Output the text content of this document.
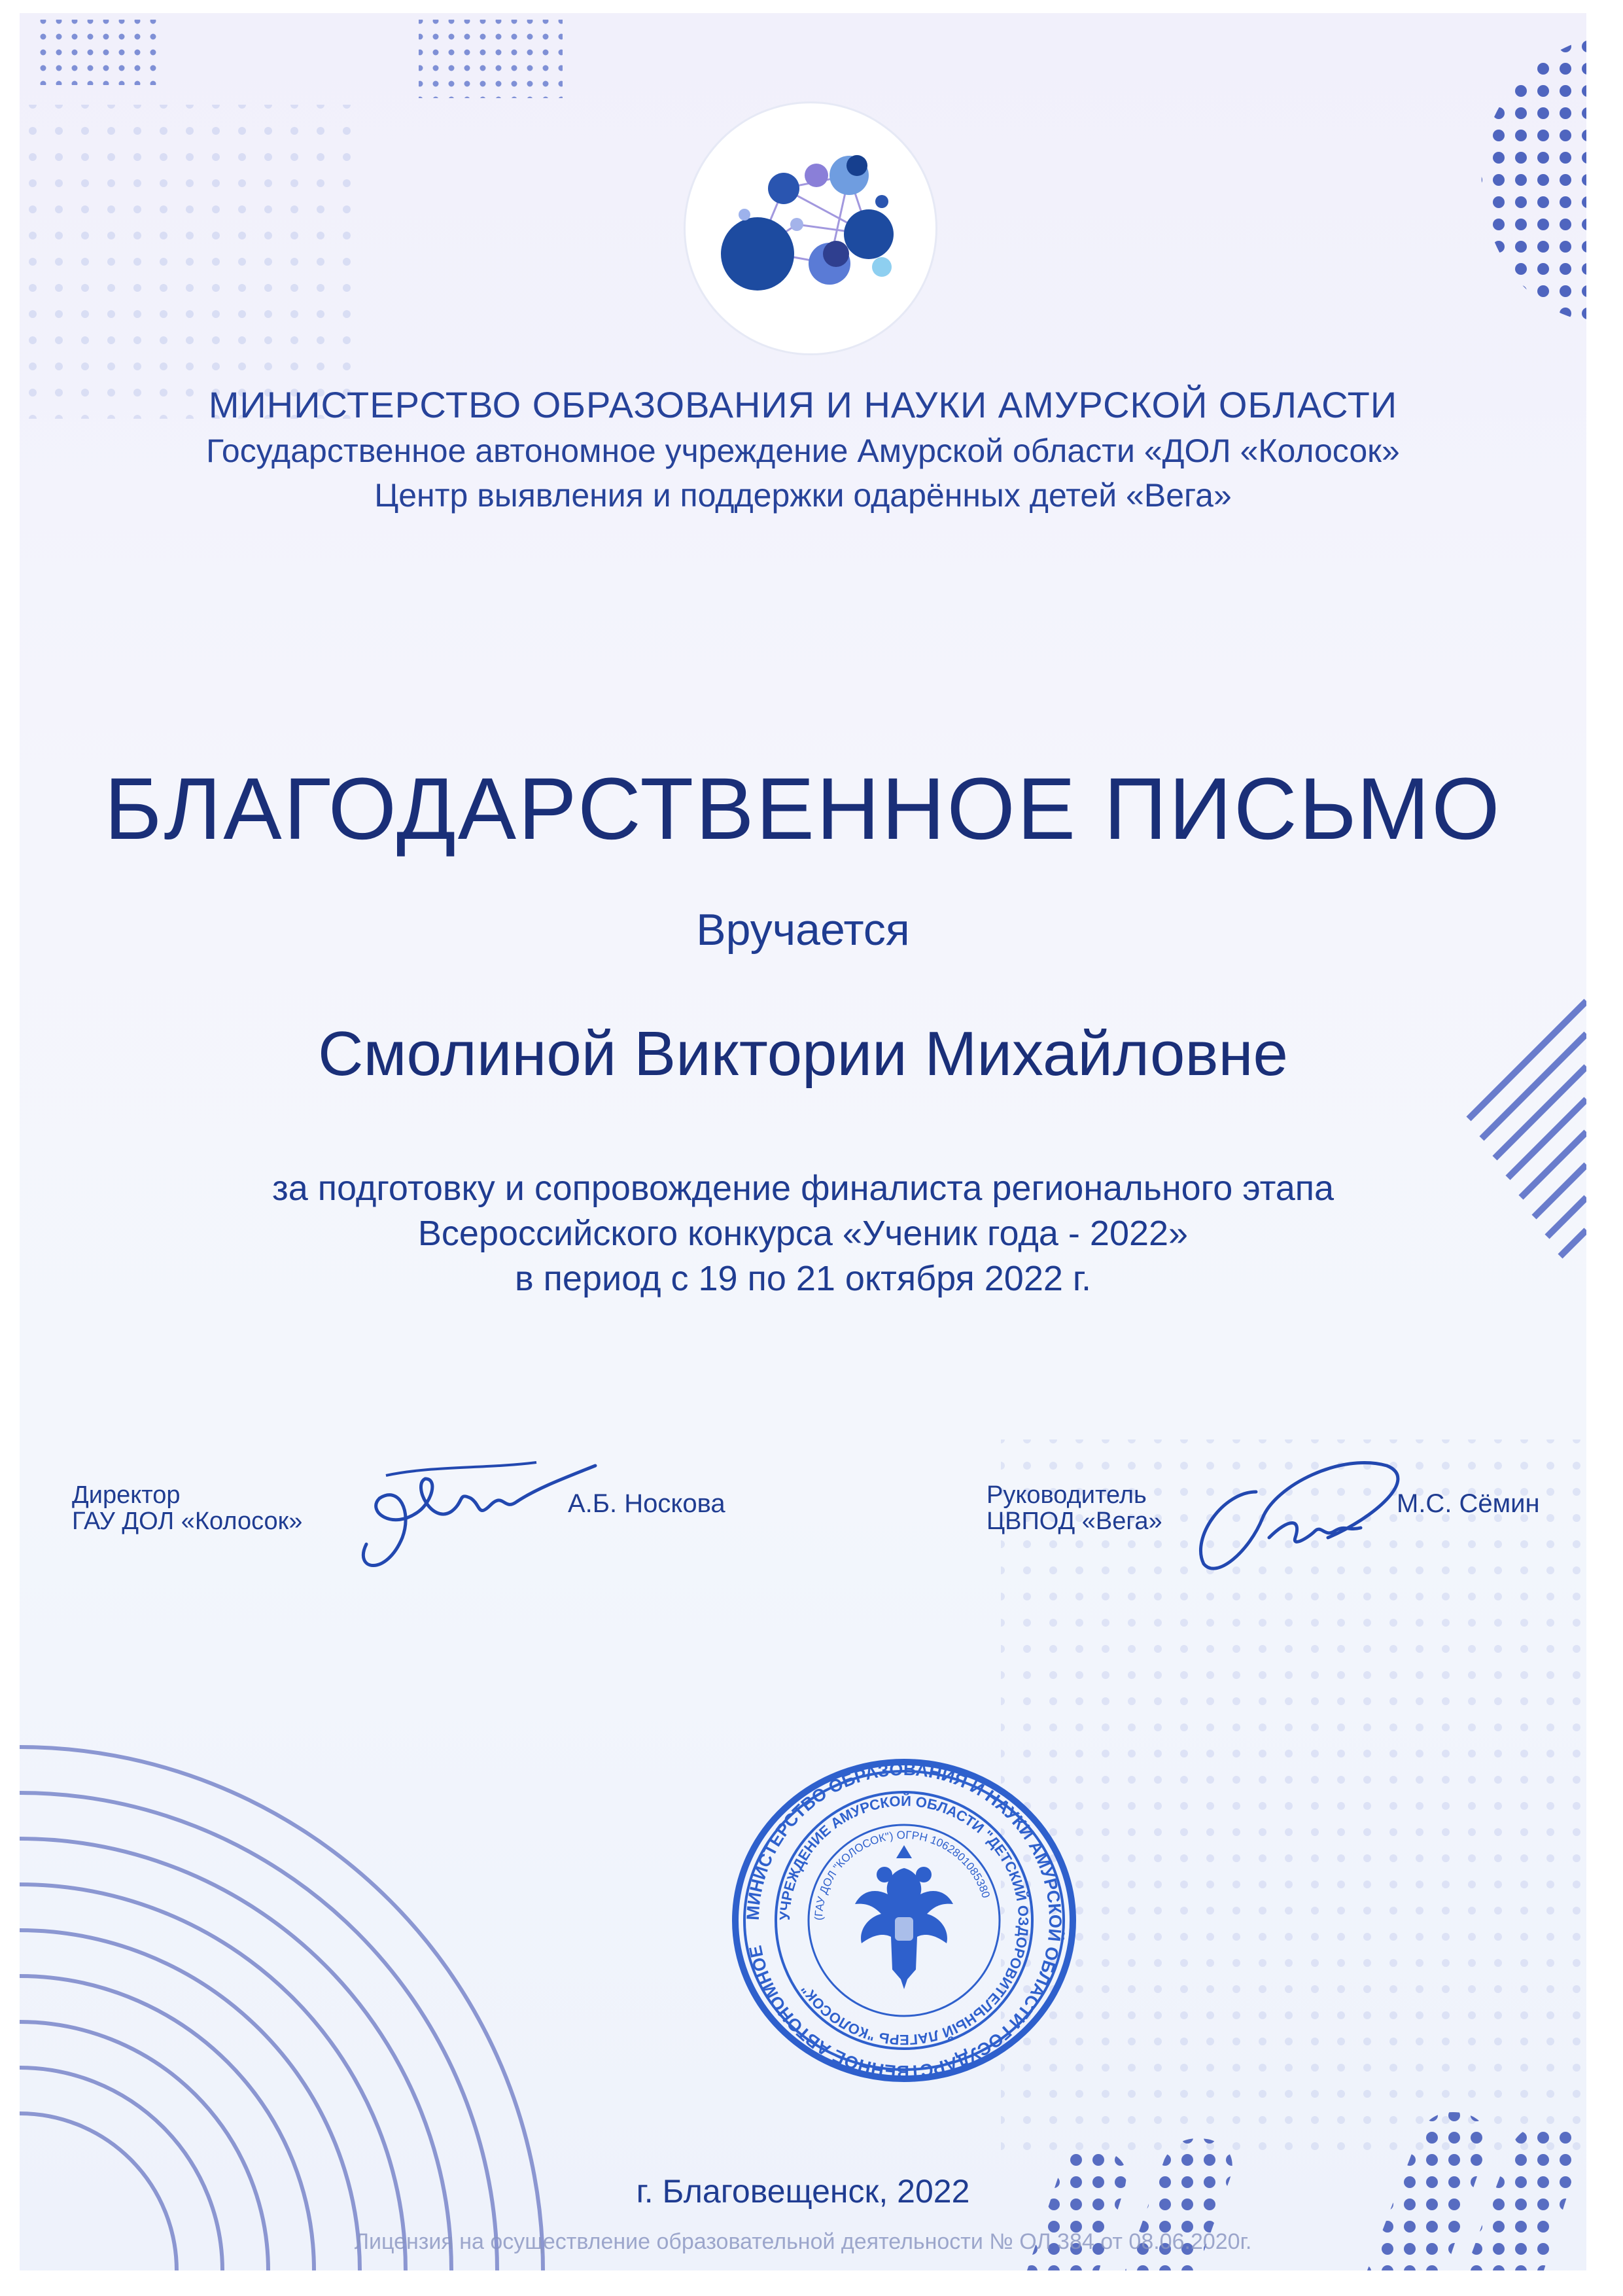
МИНИСТЕРСТВО ОБРАЗОВАНИЯ И НАУКИ АМУРСКОЙ ОБЛАСТИ
Государственное автономное учреждение Амурской области «ДОЛ «Колосок»
Центр выявления и поддержки одарённых детей «Вега»
БЛАГОДАРСТВЕННОЕ ПИСЬМО
Вручается
Смолиной Виктории Михайловне
за подготовку и сопровождение финалиста регионального этапа
Всероссийского конкурса «Ученик года - 2022»
в период с 19 по 21 октября 2022 г.
Директор
ГАУ ДОЛ «Колосок»
А.Б. Носкова	Руководитель
ЦВПОД «Вега»
М.С. Сёмин
МИНИСТЕРСТВО ОБРАЗОВАНИЯ И НАУКИ АМУРСКОЙ ОБЛАСТИ ГОСУДАРСТВЕННОЕ АВТОНОМНОЕ
УЧРЕЖДЕНИЕ АМУРСКОЙ ОБЛАСТИ "ДЕТСКИЙ ОЗДОРОВИТЕЛЬНЫЙ ЛАГЕРЬ "КОЛОСОК"
(ГАУ ДОЛ "КОЛОСОК") ОГРН 1062801085380
г. Благовещенск, 2022
Лицензия на осуществление образовательной деятельности № ОЛ 384 от 08.06.2020г.
